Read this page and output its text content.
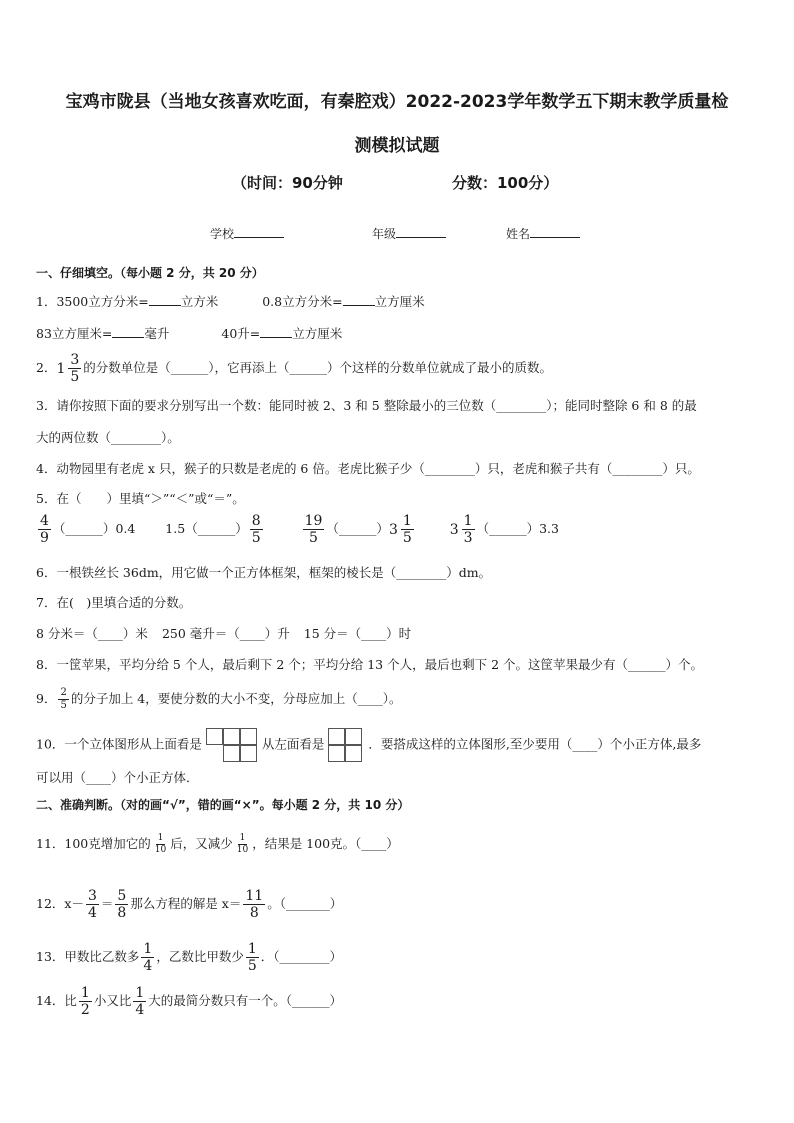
宝鸡市陇县（当地女孩喜欢吃面，有秦腔戏）2022-2023学年数学五下期末教学质量检
测模拟试题
（时间：90分钟	分数：100分）
学校	年级	姓名
一、仔细填空。（每小题 2 分，共 20 分）
1．3500立方分米=	立方米	0.8立方分米=	立方厘米
83立方厘米=	毫升	40升=	立方厘米
2． $1 \frac{3}{5}$ 的分数单位是（______），它再添上（______）个这样的分数单位就成了最小的质数。
3．请你按照下面的要求分别写出一个数：能同时被 2、3 和 5 整除最小的三位数（________）；能同时整除 6 和 8 的最
大的两位数（________）。
4．动物园里有老虎 x 只，猴子的只数是老虎的 6 倍。老虎比猴子少（________）只，老虎和猴子共有（________）只。
5．在（　　）里填“＞”“＜”或“＝”。
$\frac{4}{9}$ （______）0.4 1.5（______） $\frac{8}{5}$
	$\frac{19}{5}$ （______） $3 \frac{1}{5}$
	$3 \frac{1}{3}$ （______）3.3
6．一根铁丝长 36dm，用它做一个正方体框架，框架的棱长是（________）dm。
7．在(　)里填合适的分数。
8 分米＝（____）米 250 毫升＝（____）升 15 分＝（____）时
8．一筐苹果，平均分给 5 个人，最后剩下 2 个；平均分给 13 个人，最后也剩下 2 个。这筐苹果最少有（______）个。
9． $\frac{2}{5}$ 的分子加上 4，要使分数的大小不变，分母应加上（____）。
10．一个立体图形从上面看是	从左面看是	．要搭成这样的立体图形,至少要用（____）个小正方体,最多
可以用（____）个小正方体．
二、准确判断。（对的画“√”，错的画“×”。每小题 2 分，共 10 分）
11．100克增加它的 $\frac{1}{10}$ 后，又减少 $\frac{1}{10}$ ，结果是 100克。（____）
12．$x- \frac{3}{4} = \frac{5}{8}$ 那么方程的解是 $x= \frac{11}{8}$ 。（_______）
13．甲数比乙数多 $\frac{1}{4}$ ，乙数比甲数少 $\frac{1}{5}$ ．（________）
14．比 $\frac{1}{2}$ 小又比 $\frac{1}{4}$ 大的最简分数只有一个。（______）
